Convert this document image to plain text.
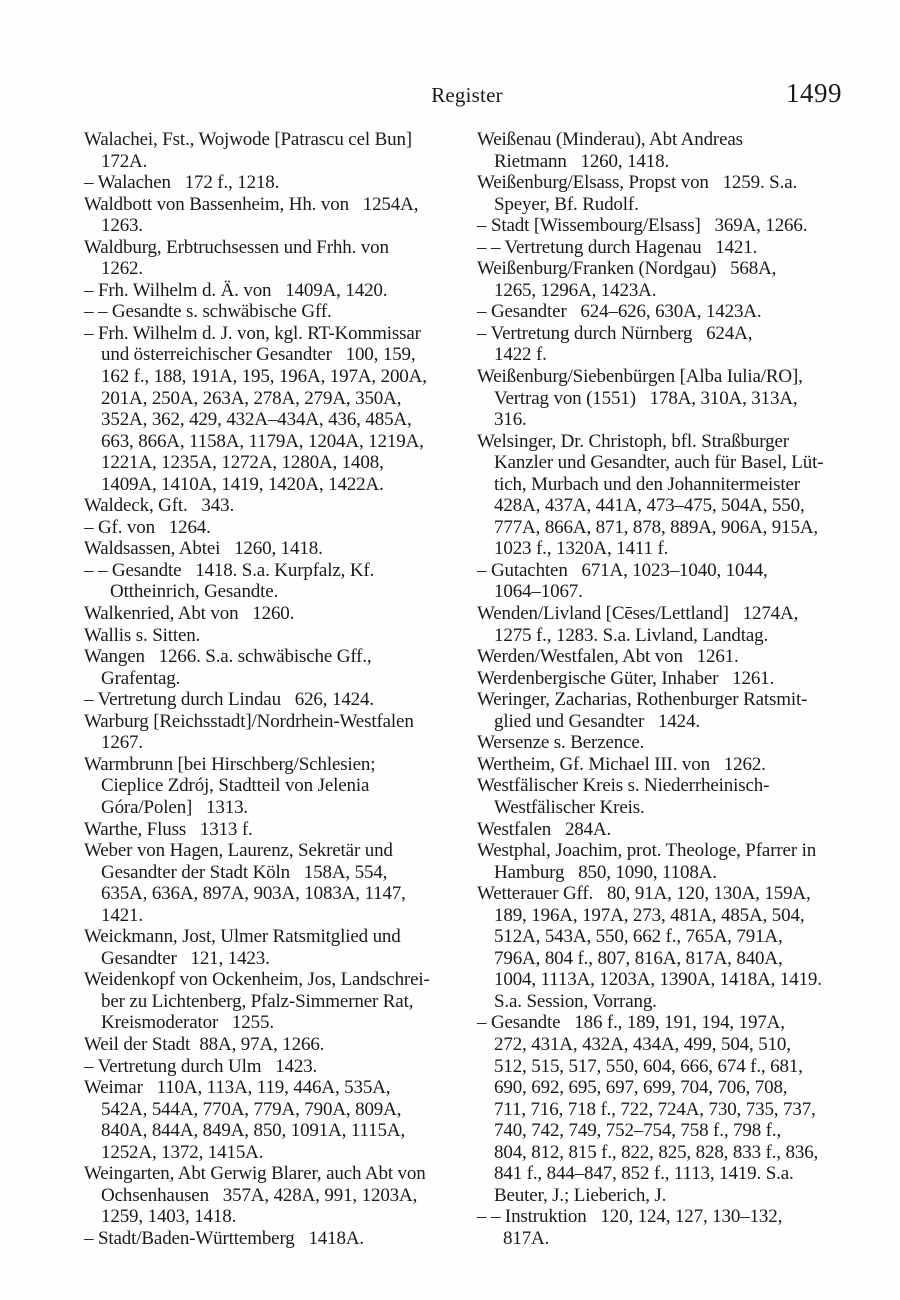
Register	1499
Walachei, Fst., Wojwode [Patrascu cel Bun]
172A.
– Walachen   172 f., 1218.
Waldbott von Bassenheim, Hh. von   1254A,
1263.
Waldburg, Erbtruchsessen und Frhh. von
1262.
– Frh. Wilhelm d. Ä. von   1409A, 1420.
– – Gesandte s. schwäbische Gff.
– Frh. Wilhelm d. J. von, kgl. RT-Kommissar
und österreichischer Gesandter   100, 159,
162 f., 188, 191A, 195, 196A, 197A, 200A,
201A, 250A, 263A, 278A, 279A, 350A,
352A, 362, 429, 432A–434A, 436, 485A,
663, 866A, 1158A, 1179A, 1204A, 1219A,
1221A, 1235A, 1272A, 1280A, 1408,
1409A, 1410A, 1419, 1420A, 1422A.
Waldeck, Gft.   343.
– Gf. von   1264.
Waldsassen, Abtei   1260, 1418.
– – Gesandte   1418. S.a. Kurpfalz, Kf.
Ottheinrich, Gesandte.
Walkenried, Abt von   1260.
Wallis s. Sitten.
Wangen   1266. S.a. schwäbische Gff.,
Grafentag.
– Vertretung durch Lindau   626, 1424.
Warburg [Reichsstadt]/Nordrhein-Westfalen
1267.
Warmbrunn [bei Hirschberg/Schlesien;
Cieplice Zdrój, Stadtteil von Jelenia
Góra/Polen]   1313.
Warthe, Fluss   1313 f.
Weber von Hagen, Laurenz, Sekretär und
Gesandter der Stadt Köln   158A, 554,
635A, 636A, 897A, 903A, 1083A, 1147,
1421.
Weickmann, Jost, Ulmer Ratsmitglied und
Gesandter   121, 1423.
Weidenkopf von Ockenheim, Jos, Landschrei-
ber zu Lichtenberg, Pfalz-Simmerner Rat,
Kreismoderator   1255.
Weil der Stadt  88A, 97A, 1266.
– Vertretung durch Ulm   1423.
Weimar   110A, 113A, 119, 446A, 535A,
542A, 544A, 770A, 779A, 790A, 809A,
840A, 844A, 849A, 850, 1091A, 1115A,
1252A, 1372, 1415A.
Weingarten, Abt Gerwig Blarer, auch Abt von
Ochsenhausen   357A, 428A, 991, 1203A,
1259, 1403, 1418.
– Stadt/Baden-Württemberg   1418A.
Weißenau (Minderau), Abt Andreas
Rietmann   1260, 1418.
Weißenburg/Elsass, Propst von   1259. S.a.
Speyer, Bf. Rudolf.
– Stadt [Wissembourg/Elsass]   369A, 1266.
– – Vertretung durch Hagenau   1421.
Weißenburg/Franken (Nordgau)   568A,
1265, 1296A, 1423A.
– Gesandter   624–626, 630A, 1423A.
– Vertretung durch Nürnberg   624A,
1422 f.
Weißenburg/Siebenbürgen [Alba Iulia/RO],
Vertrag von (1551)   178A, 310A, 313A,
316.
Welsinger, Dr. Christoph, bfl. Straßburger
Kanzler und Gesandter, auch für Basel, Lüt-
tich, Murbach und den Johannitermeister
428A, 437A, 441A, 473–475, 504A, 550,
777A, 866A, 871, 878, 889A, 906A, 915A,
1023 f., 1320A, 1411 f.
– Gutachten   671A, 1023–1040, 1044,
1064–1067.
Wenden/Livland [Cēses/Lettland]   1274A,
1275 f., 1283. S.a. Livland, Landtag.
Werden/Westfalen, Abt von   1261.
Werdenbergische Güter, Inhaber   1261.
Weringer, Zacharias, Rothenburger Ratsmit-
glied und Gesandter   1424.
Wersenze s. Berzence.
Wertheim, Gf. Michael III. von   1262.
Westfälischer Kreis s. Niederrheinisch-
Westfälischer Kreis.
Westfalen   284A.
Westphal, Joachim, prot. Theologe, Pfarrer in
Hamburg   850, 1090, 1108A.
Wetterauer Gff.   80, 91A, 120, 130A, 159A,
189, 196A, 197A, 273, 481A, 485A, 504,
512A, 543A, 550, 662 f., 765A, 791A,
796A, 804 f., 807, 816A, 817A, 840A,
1004, 1113A, 1203A, 1390A, 1418A, 1419.
S.a. Session, Vorrang.
– Gesandte   186 f., 189, 191, 194, 197A,
272, 431A, 432A, 434A, 499, 504, 510,
512, 515, 517, 550, 604, 666, 674 f., 681,
690, 692, 695, 697, 699, 704, 706, 708,
711, 716, 718 f., 722, 724A, 730, 735, 737,
740, 742, 749, 752–754, 758 f., 798 f.,
804, 812, 815 f., 822, 825, 828, 833 f., 836,
841 f., 844–847, 852 f., 1113, 1419. S.a.
Beuter, J.; Lieberich, J.
– – Instruktion   120, 124, 127, 130–132,
817A.
